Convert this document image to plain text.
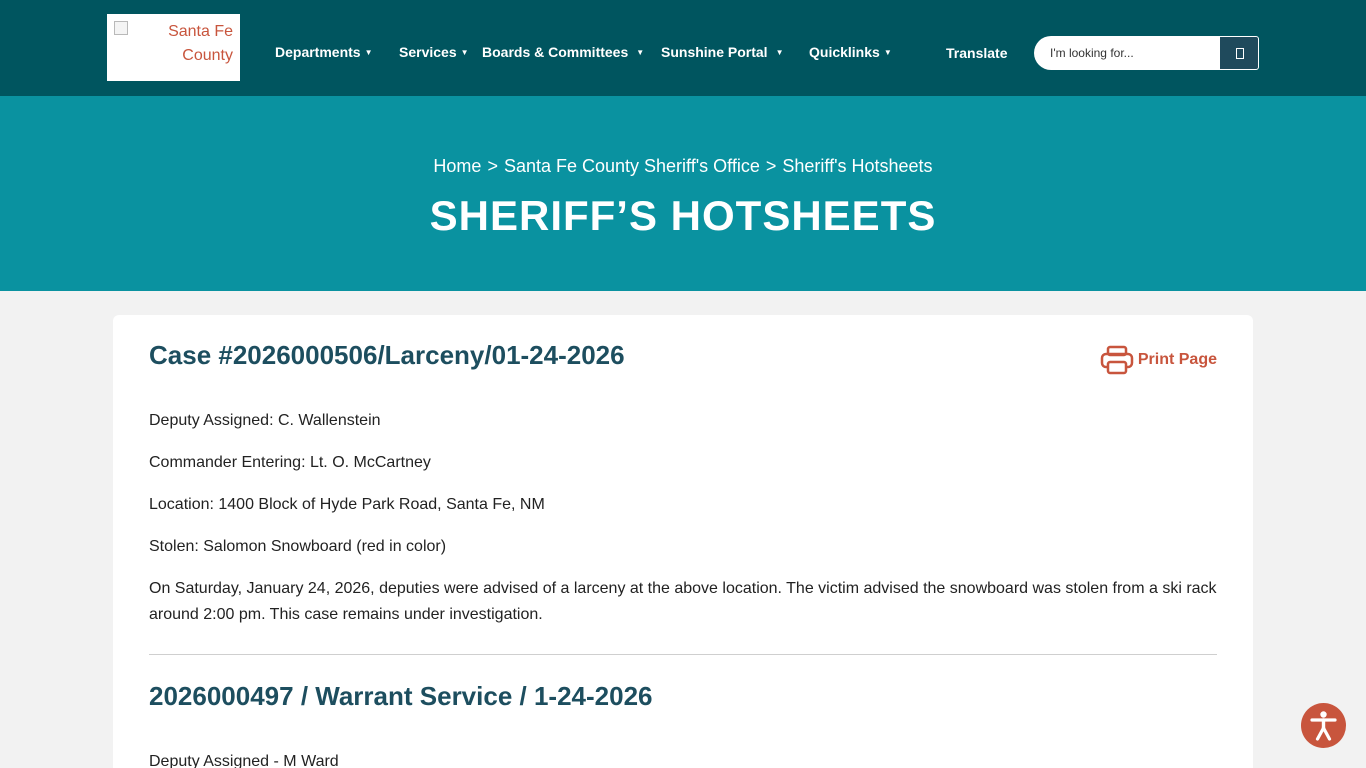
Santa Fe County	Departments ▼ Services ▼ Boards & Committees ▼ Sunshine Portal ▼ Quicklinks ▼	Translate
I'm looking for...
Home > Santa Fe County Sheriff's Office > Sheriff's Hotsheets
SHERIFF’S HOTSHEETS
Case #2026000506/Larceny/01-24-2026	Print Page

Deputy Assigned: C. Wallenstein

Commander Entering: Lt. O. McCartney

Location: 1400 Block of Hyde Park Road, Santa Fe, NM

Stolen: Salomon Snowboard (red in color)

On Saturday, January 24, 2026, deputies were advised of a larceny at the above location. The victim advised the snowboard was stolen from a ski rack around 2:00 pm. This case remains under investigation.

2026000497 / Warrant Service / 1-24-2026

Deputy Assigned - M Ward
